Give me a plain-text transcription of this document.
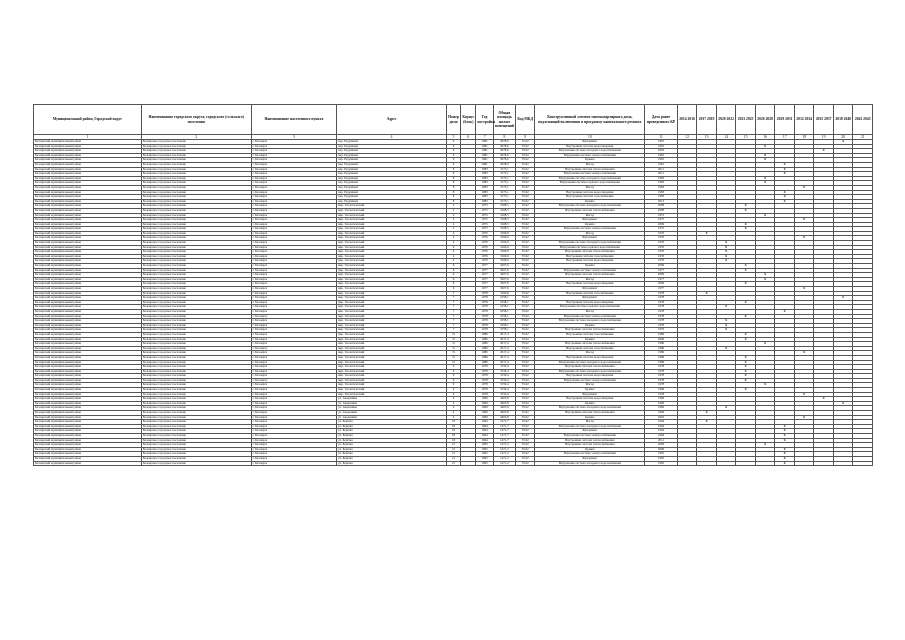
Муниципальный район, Городской округ	Наименование городского округа, городского (сельского) поселения	Наименование населенного пункта	Адрес	Номер дома	Корпус (блок)	Год постройки	Общая площадь жилых помещений	Код МКД	Конструктивный элемент многоквартирного дома, подлежащий включению в программу капитального ремонта	Дата ранее проведенного КР	2014 2016	2017 2019	2020 2022	2023 2025	2026 2028	2029 2031	2032 2034	2035 2037	2038 2040	2041 2043
1	2	3	4	5	6	7	8	9	10	11	12	13	14	15	16	17	18	19	20	21
Белоярский муниципальный район	Белоярское городское поселение	г. Белоярск	пер. Радужный	6		1981	2678,6	35.02	Фундамент	1981									X	
Белоярский муниципальный район	Белоярское городское поселение	г. Белоярск	пер. Радужный	6		1981	2678,6	35.02	Внутренняя система водоотведения	1981					X					
Белоярский муниципальный район	Белоярское городское поселение	г. Белоярск	пер. Радужный	6		1981	2678,6	35.02	Внутренняя система холодного водоснабжения	2002								X		
Белоярский муниципальный район	Белоярское городское поселение	г. Белоярск	пер. Радужный	6		1981	2678,6	35.02	Внутренняя система электроснабжения	1981					X					
Белоярский муниципальный район	Белоярское городское поселение	г. Белоярск	пер. Радужный	6		1981	2678,6	35.02	Крыша	1981					X					
Белоярский муниципальный район	Белоярское городское поселение	г. Белоярск	пер. Радужный	6		1981	2678,6	35.02	Фасад	1981						X				
Белоярский муниципальный район	Белоярское городское поселение	г. Белоярск	пер. Радужный	8		1983	3173,1	35.02	Внутренняя система теплоснабжения	2011						X				
Белоярский муниципальный район	Белоярское городское поселение	г. Белоярск	пер. Радужный	8		1983	3173,1	35.02	Внутренняя система электроснабжения	2011						X				
Белоярский муниципальный район	Белоярское городское поселение	г. Белоярск	пер. Радужный	8		1983	3173,1	35.02	Внутренняя система холодного водоснабжения	1983					X					
Белоярский муниципальный район	Белоярское городское поселение	г. Белоярск	пер. Радужный	8		1983	3173,1	35.02	Внутренняя система горячего водоснабжения	1983					X					
Белоярский муниципальный район	Белоярское городское поселение	г. Белоярск	пер. Радужный	8		1983	3173,1	35.02	Фасад	1983							X			
Белоярский муниципальный район	Белоярское городское поселение	г. Белоярск	пер. Радужный	8		1983	3173,1	35.02	Внутренняя система водоотведения	1983						X				
Белоярский муниципальный район	Белоярское городское поселение	г. Белоярск	пер. Радужный	8		1983	3173,1	35.02	Внутренняя система газоснабжения	1983						X				
Белоярский муниципальный район	Белоярское городское поселение	г. Белоярск	пер. Радужный	8		1983	3173,1	35.02	Крыша	2013						X				
Белоярский муниципальный район	Белоярское городское поселение	г. Белоярск	мкр. Геологический	2		1975	3108,5	35.02	Внутренняя система холодного водоснабжения	2008				X						
Белоярский муниципальный район	Белоярское городское поселение	г. Белоярск	мкр. Геологический	2		1975	3108,5	35.02	Внутренняя система теплоснабжения	2008				X						
Белоярский муниципальный район	Белоярское городское поселение	г. Белоярск	мкр. Геологический	2		1975	3108,5	35.02	Фасад	1975					X					
Белоярский муниципальный район	Белоярское городское поселение	г. Белоярск	мкр. Геологический	2		1975	3108,5	35.02	Фундамент	1975							X			
Белоярский муниципальный район	Белоярское городское поселение	г. Белоярск	мкр. Геологический	2		1975	3108,5	35.02	Крыша	2009				X						
Белоярский муниципальный район	Белоярское городское поселение	г. Белоярск	мкр. Геологический	2		1975	3108,5	35.02	Внутренняя система электроснабжения	1975				X						
Белоярский муниципальный район	Белоярское городское поселение	г. Белоярск	мкр. Геологический	4		1976	3166,9	35.02	Фасад	1976		X								
Белоярский муниципальный район	Белоярское городское поселение	г. Белоярск	мкр. Геологический	4		1976	3166,9	35.02	Фундамент	1976							X			
Белоярский муниципальный район	Белоярское городское поселение	г. Белоярск	мкр. Геологический	4		1976	3166,9	35.02	Внутренняя система холодного водоснабжения	1976			X							
Белоярский муниципальный район	Белоярское городское поселение	г. Белоярск	мкр. Геологический	4		1976	3166,9	35.02	Внутренняя система горячего водоснабжения	1976			X							
Белоярский муниципальный район	Белоярское городское поселение	г. Белоярск	мкр. Геологический	4		1976	3166,9	35.02	Внутренняя система теплоснабжения	1976			X							
Белоярский муниципальный район	Белоярское городское поселение	г. Белоярск	мкр. Геологический	4		1976	3166,9	35.02	Внутренняя система газоснабжения	1976			X							
Белоярский муниципальный район	Белоярское городское поселение	г. Белоярск	мкр. Геологический	4		1976	3166,9	35.02	Внутренняя система водоотведения	1976			X							
Белоярский муниципальный район	Белоярское городское поселение	г. Белоярск	мкр. Геологический	6		1977	3207,6	35.02	Крыша	2009				X						
Белоярский муниципальный район	Белоярское городское поселение	г. Белоярск	мкр. Геологический	6		1977	3207,6	35.02	Внутренняя система электроснабжения	1977				X						
Белоярский муниципальный район	Белоярское городское поселение	г. Белоярск	мкр. Геологический	6		1977	3207,6	35.02	Внутренняя система теплоснабжения	2009					X					
Белоярский муниципальный район	Белоярское городское поселение	г. Белоярск	мкр. Геологический	6		1977	3207,6	35.02	Фасад	1977					X					
Белоярский муниципальный район	Белоярское городское поселение	г. Белоярск	мкр. Геологический	6		1977	3207,6	35.02	Внутренняя система водоотведения	2009				X						
Белоярский муниципальный район	Белоярское городское поселение	г. Белоярск	мкр. Геологический	6		1977	3207,6	35.02	Фундамент	1977							X			
Белоярский муниципальный район	Белоярское городское поселение	г. Белоярск	мкр. Геологический	7		1978	3160,8	35.02	Внутренняя система газоснабжения	1978		X								
Белоярский муниципальный район	Белоярское городское поселение	г. Белоярск	мкр. Геологический	7		1978	1058,1	35.02	Фундамент	1978									X	
Белоярский муниципальный район	Белоярское городское поселение	г. Белоярск	мкр. Геологический	7		1978	1058,1	35.02	Внутренняя система водоотведения	1978				X						
Белоярский муниципальный район	Белоярское городское поселение	г. Белоярск	мкр. Геологический	7		1978	1058,1	35.02	Внутренняя система горячего водоснабжения	1978			X							
Белоярский муниципальный район	Белоярское городское поселение	г. Белоярск	мкр. Геологический	7		1978	1058,1	35.02	Фасад	1978						X				
Белоярский муниципальный район	Белоярское городское поселение	г. Белоярск	мкр. Геологический	7		1978	1058,1	35.02	Внутренняя система электроснабжения	1978				X						
Белоярский муниципальный район	Белоярское городское поселение	г. Белоярск	мкр. Геологический	7		1978	1058,1	35.02	Внутренняя система холодного водоснабжения	1978			X							
Белоярский муниципальный район	Белоярское городское поселение	г. Белоярск	мкр. Геологический	7		1978	1058,1	35.02	Крыша	1978			X							
Белоярский муниципальный район	Белоярское городское поселение	г. Белоярск	мкр. Геологический	7		1978	1058,1	35.02	Внутренняя система теплоснабжения	1979			X							
Белоярский муниципальный район	Белоярское городское поселение	г. Белоярск	мкр. Геологический	7а		1986	2017,4	35.02	Внутренняя система газоснабжения	1986				X						
Белоярский муниципальный район	Белоярское городское поселение	г. Белоярск	мкр. Геологический	7а		1986	2017,4	35.02	Крыша	2006				X						
Белоярский муниципальный район	Белоярское городское поселение	г. Белоярск	мкр. Геологический	7а		1986	2017,4	35.02	Внутренняя система теплоснабжения	1986					X					
Белоярский муниципальный район	Белоярское городское поселение	г. Белоярск	мкр. Геологический	7а		1986	2017,4	35.02	Внутренняя система газоснабжения	1986			X							
Белоярский муниципальный район	Белоярское городское поселение	г. Белоярск	мкр. Геологический	7а		1986	2017,4	35.02	Фасад	1986							X			
Белоярский муниципальный район	Белоярское городское поселение	г. Белоярск	мкр. Геологический	7а		1986	2017,4	35.02	Внутренняя система водоотведения	1986				X						
Белоярский муниципальный район	Белоярское городское поселение	г. Белоярск	мкр. Геологический	7а		1986	2017,4	35.02	Внутренняя система холодного водоснабжения	1986				X						
Белоярский муниципальный район	Белоярское городское поселение	г. Белоярск	мкр. Геологический	9		1978	3159,4	35.02	Внутренняя система теплоснабжения	1978				X						
Белоярский муниципальный район	Белоярское городское поселение	г. Белоярск	мкр. Геологический	9		1978	3159,4	35.02	Внутренняя система холодного водоснабжения	1978				X						
Белоярский муниципальный район	Белоярское городское поселение	г. Белоярск	мкр. Геологический	9		1978	3159,4	35.02	Внутренняя система водоотведения	1978				X						
Белоярский муниципальный район	Белоярское городское поселение	г. Белоярск	мкр. Геологический	9		1978	3159,4	35.02	Внутренняя система электроснабжения	1978				X						
Белоярский муниципальный район	Белоярское городское поселение	г. Белоярск	мкр. Геологический	9		1978	3159,4	35.02	Фасад	1978					X					
Белоярский муниципальный район	Белоярское городское поселение	г. Белоярск	мкр. Геологический	9		1978	3159,4	35.02	Крыша	1996				X						
Белоярский муниципальный район	Белоярское городское поселение	г. Белоярск	мкр. Геологический	9		1978	3159,4	35.02	Фундамент	1978							X			
Белоярский муниципальный район	Белоярское городское поселение	г. Белоярск	ул. Академика	4		1969	4405,8	35.02	Внутренняя система водоотведения	1969								X		
Белоярский муниципальный район	Белоярское городское поселение	г. Белоярск	ул. Академика	4		1969	4405,8	35.02	Крыша	1969									X	
Белоярский муниципальный район	Белоярское городское поселение	г. Белоярск	ул. Академика	4		1969	4405,8	35.02	Внутренняя система холодного водоснабжения	1969			X							
Белоярский муниципальный район	Белоярское городское поселение	г. Белоярск	ул. Академика	4		1969	4405,8	35.02	Внутренняя система теплоснабжения	1969		X								
Белоярский муниципальный район	Белоярское городское поселение	г. Белоярск	ул. Академика	4		1969	4405,8	35.02	Крыша	2002							X			
Белоярский муниципальный район	Белоярское городское поселение	г. Белоярск	ул. Берёзка	18		1964	1471,7	35.02	Фасад	1964		X								
Белоярский муниципальный район	Белоярское городское поселение	г. Белоярск	ул. Берёзка	18		1964	1471,7	35.02	Внутренняя система холодного водоснабжения	1964						X				
Белоярский муниципальный район	Белоярское городское поселение	г. Белоярск	ул. Берёзка	18		1964	1471,7	35.02	Фундамент	1964						X				
Белоярский муниципальный район	Белоярское городское поселение	г. Белоярск	ул. Берёзка	18		1964	1471,7	35.02	Внутренняя система электроснабжения	1964						X				
Белоярский муниципальный район	Белоярское городское поселение	г. Белоярск	ул. Берёзка	18		1964	1471,7	35.02	Внутренняя система теплоснабжения	2011						X				
Белоярский муниципальный район	Белоярское городское поселение	г. Белоярск	ул. Берёзка	21		1965	1471,2	35.02	Внутренняя система теплоснабжения	2009					X					
Белоярский муниципальный район	Белоярское городское поселение	г. Белоярск	ул. Берёзка	21		1965	1471,2	35.02	Крыша	2009						X				
Белоярский муниципальный район	Белоярское городское поселение	г. Белоярск	ул. Берёзка	21		1965	1471,2	35.02	Внутренняя система электроснабжения	1965						X				
Белоярский муниципальный район	Белоярское городское поселение	г. Белоярск	ул. Берёзка	21		1965	1471,2	35.02	Фундамент	1965						X				
Белоярский муниципальный район	Белоярское городское поселение	г. Белоярск	ул. Берёзка	21		1965	1471,2	35.02	Внутренняя система холодного водоснабжения	1965						X				
